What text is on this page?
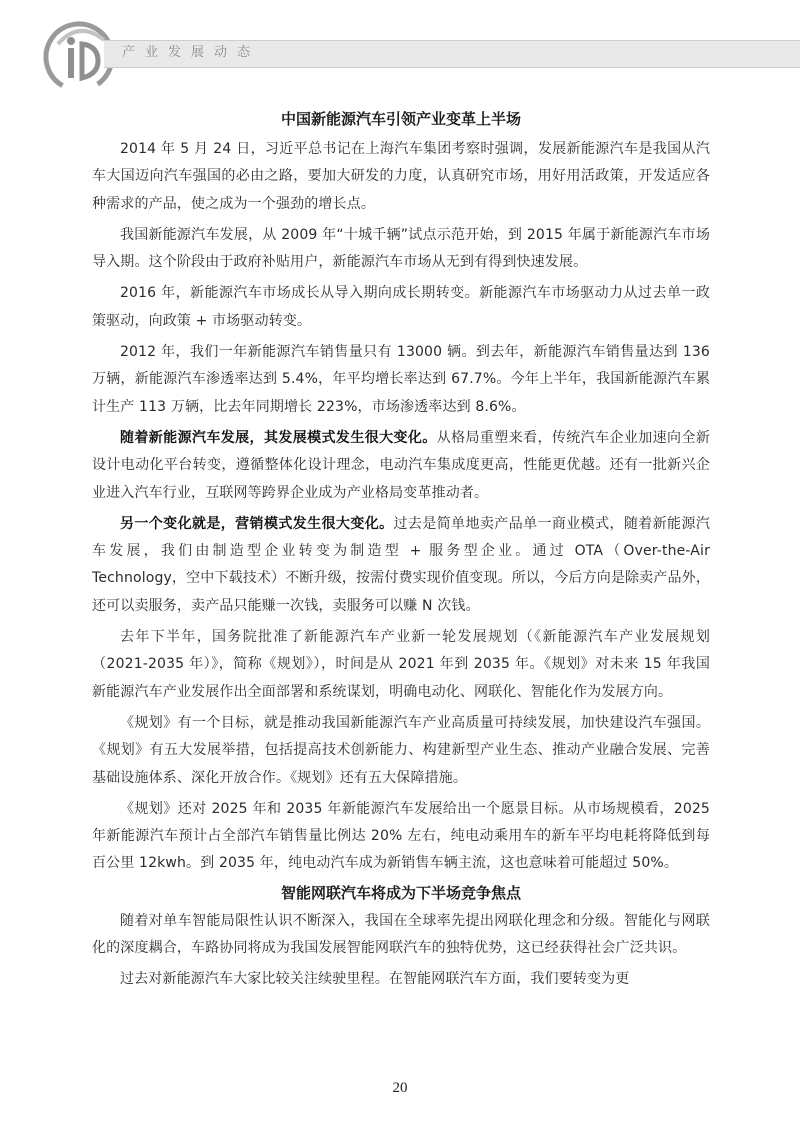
产业发展动态
中国新能源汽车引领产业变革上半场

2014 年 5 月 24 日，习近平总书记在上海汽车集团考察时强调，发展新能源汽车是我国从汽车大国迈向汽车强国的必由之路，要加大研发的力度，认真研究市场，用好用活政策，开发适应各种需求的产品，使之成为一个强劲的增长点。

我国新能源汽车发展，从 2009 年“十城千辆”试点示范开始，到 2015 年属于新能源汽车市场导入期。这个阶段由于政府补贴用户，新能源汽车市场从无到有得到快速发展。

2016 年，新能源汽车市场成长从导入期向成长期转变。新能源汽车市场驱动力从过去单一政策驱动，向政策 + 市场驱动转变。

2012 年，我们一年新能源汽车销售量只有 13000 辆。到去年，新能源汽车销售量达到 136 万辆，新能源汽车渗透率达到 5.4%，年平均增长率达到 67.7%。今年上半年，我国新能源汽车累计生产 113 万辆，比去年同期增长 223%，市场渗透率达到 8.6%。

随着新能源汽车发展，其发展模式发生很大变化。从格局重塑来看，传统汽车企业加速向全新设计电动化平台转变，遵循整体化设计理念，电动汽车集成度更高，性能更优越。还有一批新兴企业进入汽车行业，互联网等跨界企业成为产业格局变革推动者。

另一个变化就是，营销模式发生很大变化。过去是简单地卖产品单一商业模式，随着新能源汽车发展，我们由制造型企业转变为制造型 + 服务型企业。通过 OTA（Over-the-Air Technology，空中下载技术）不断升级，按需付费实现价值变现。所以，今后方向是除卖产品外，还可以卖服务，卖产品只能赚一次钱，卖服务可以赚 N 次钱。

去年下半年，国务院批准了新能源汽车产业新一轮发展规划（《新能源汽车产业发展规划（2021-2035 年）》，简称《规划》），时间是从 2021 年到 2035 年。《规划》对未来 15 年我国新能源汽车产业发展作出全面部署和系统谋划，明确电动化、网联化、智能化作为发展方向。

《规划》有一个目标，就是推动我国新能源汽车产业高质量可持续发展，加快建设汽车强国。《规划》有五大发展举措，包括提高技术创新能力、构建新型产业生态、推动产业融合发展、完善基础设施体系、深化开放合作。《规划》还有五大保障措施。

《规划》还对 2025 年和 2035 年新能源汽车发展给出一个愿景目标。从市场规模看，2025 年新能源汽车预计占全部汽车销售量比例达 20% 左右，纯电动乘用车的新车平均电耗将降低到每百公里 12kwh。到 2035 年，纯电动汽车成为新销售车辆主流，这也意味着可能超过 50%。

智能网联汽车将成为下半场竞争焦点

随着对单车智能局限性认识不断深入，我国在全球率先提出网联化理念和分级。智能化与网联化的深度耦合，车路协同将成为我国发展智能网联汽车的独特优势，这已经获得社会广泛共识。

过去对新能源汽车大家比较关注续驶里程。在智能网联汽车方面，我们要转变为更

20
